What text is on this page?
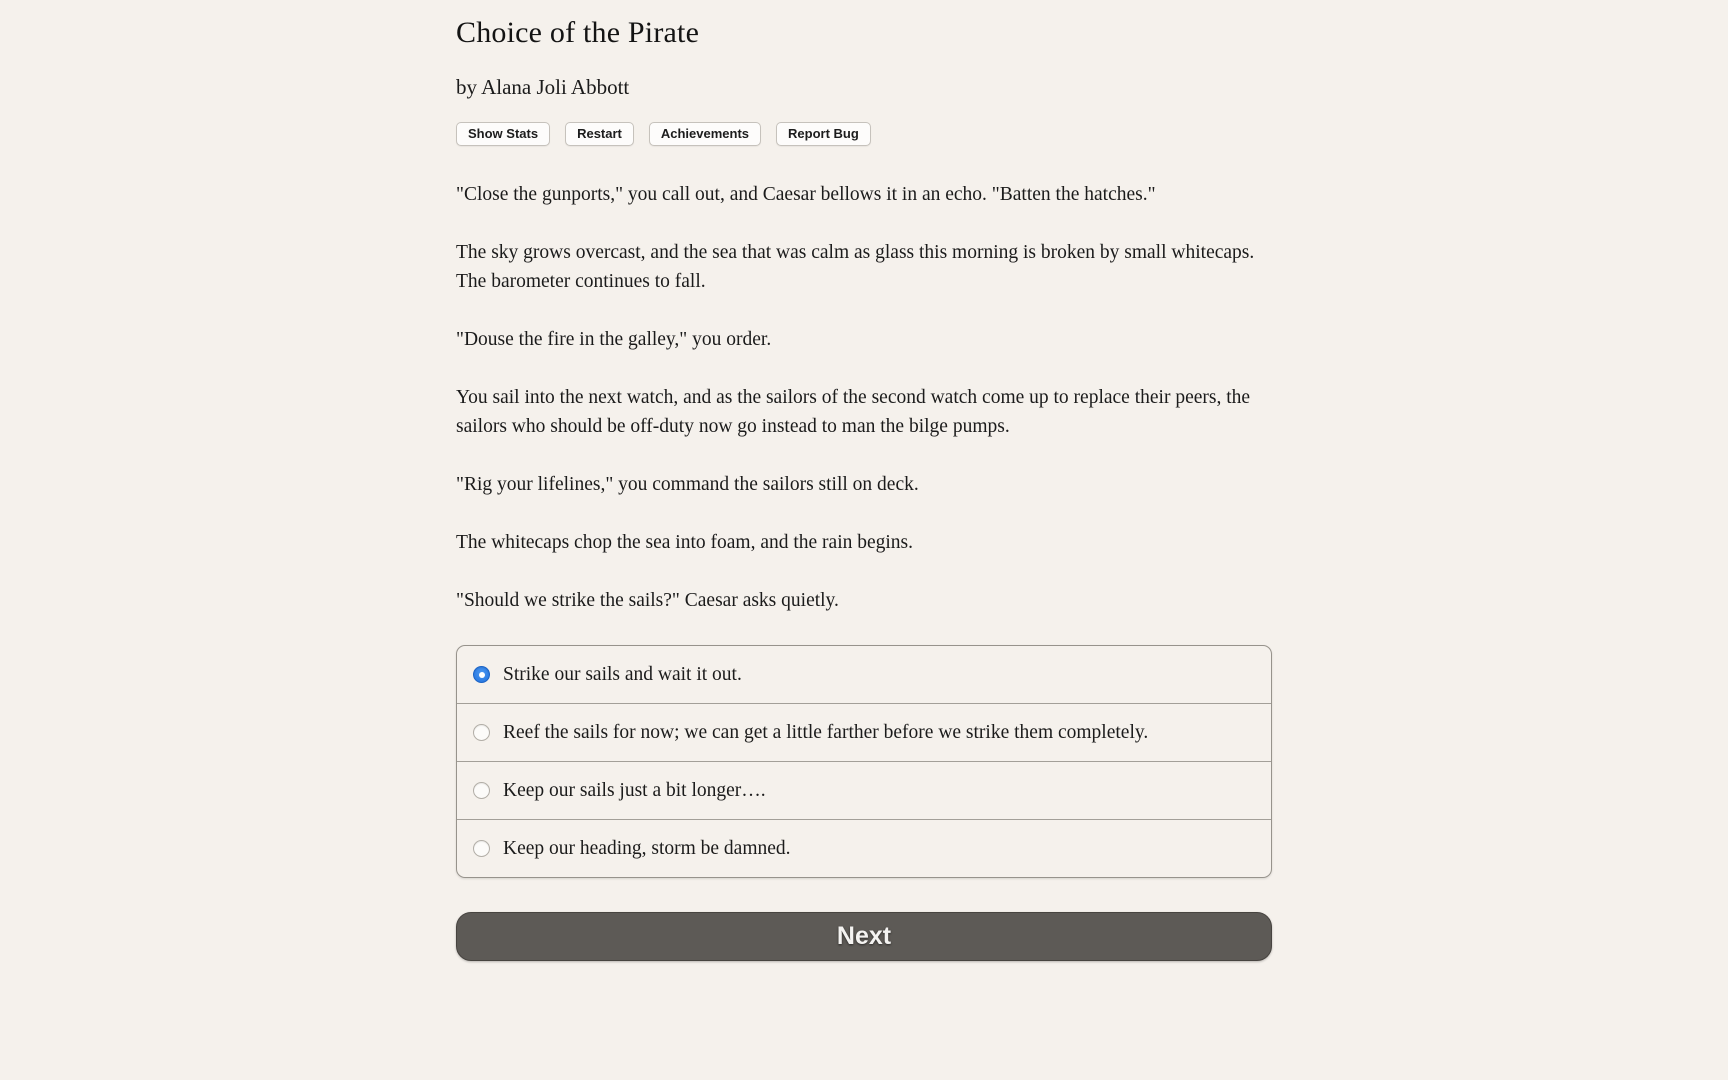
Choice of the Pirate
by Alana Joli Abbott
Show Stats	Restart	Achievements	Report Bug

"Close the gunports," you call out, and Caesar bellows it in an echo. "Batten the hatches."

The sky grows overcast, and the sea that was calm as glass this morning is broken by small whitecaps. The barometer continues to fall.

"Douse the fire in the galley," you order.

You sail into the next watch, and as the sailors of the second watch come up to replace their peers, the sailors who should be off-duty now go instead to man the bilge pumps.

"Rig your lifelines," you command the sailors still on deck.

The whitecaps chop the sea into foam, and the rain begins.

"Should we strike the sails?" Caesar asks quietly.

Strike our sails and wait it out.
Reef the sails for now; we can get a little farther before we strike them completely.
Keep our sails just a bit longer….
Keep our heading, storm be damned.
Next
